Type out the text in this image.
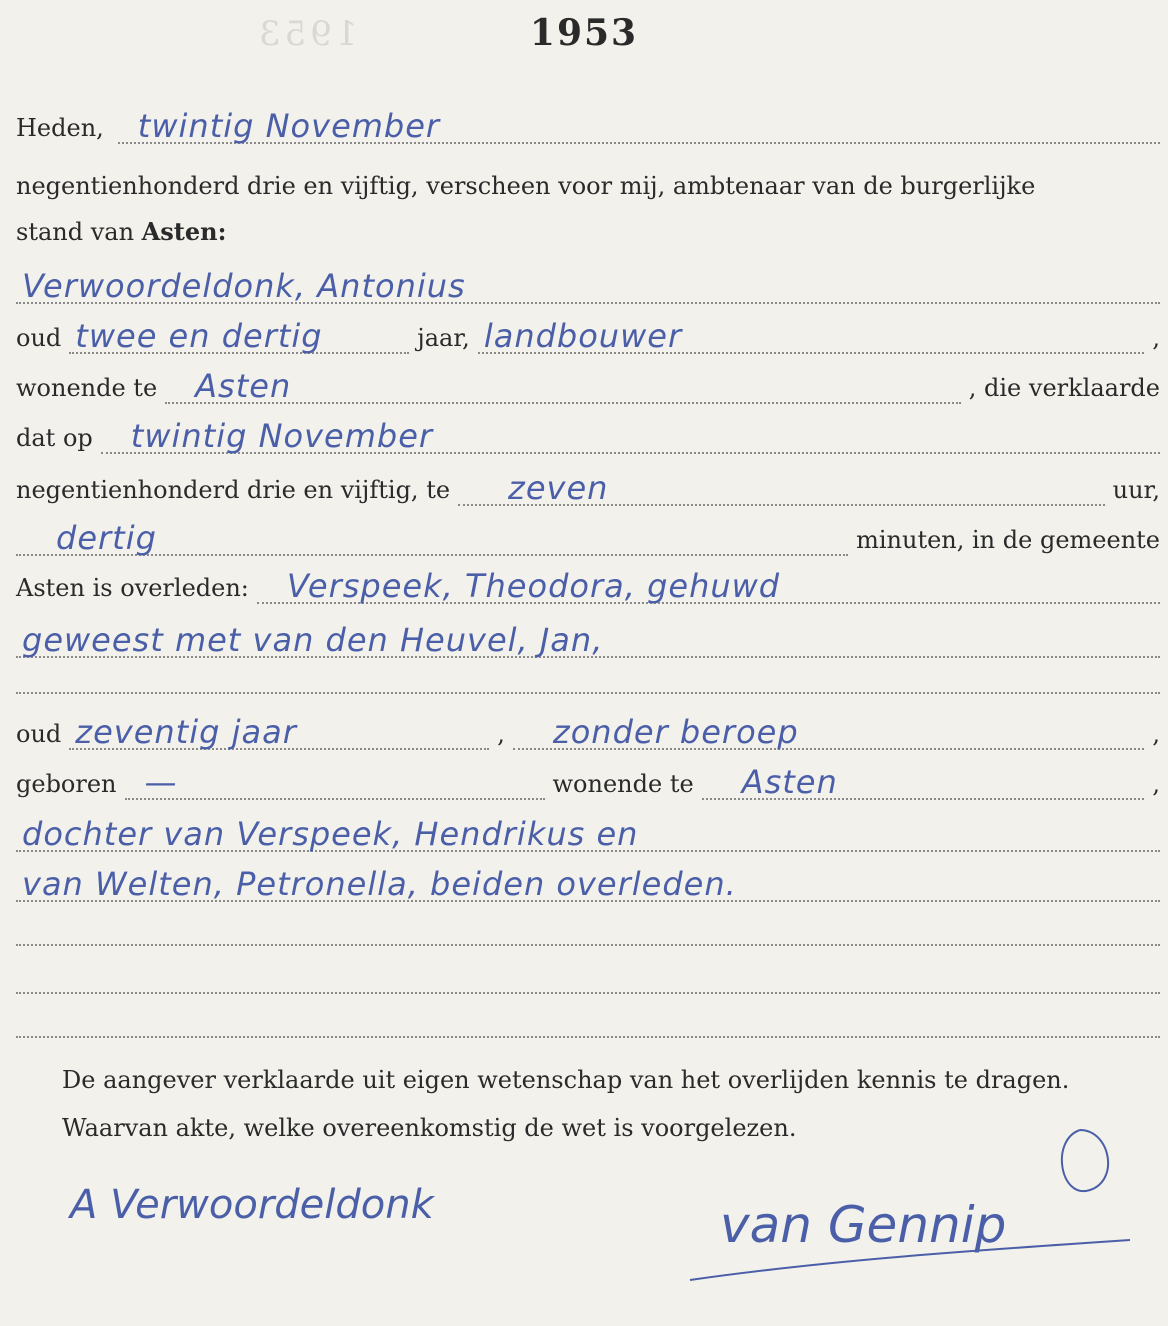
1953	1953
Heden, twintig November
negentienhonderd drie en vijftig, verscheen voor mij, ambtenaar van de burgerlijke
stand van Asten:
Verwoordeldonk, Antonius
oud twee en dertig	jaar, landbouwer	,
wonende te Asten	, die verklaarde
dat op twintig November
negentienhonderd drie en vijftig, te zeven	uur,
dertig	minuten, in de gemeente
Asten is overleden: Verspeek, Theodora, gehuwd
geweest met van den Heuvel, Jan,
oud zeventig jaar	, zonder beroep	,
geboren —	wonende te Asten	,
dochter van Verspeek, Hendrikus en
van Welten, Petronella, beiden overleden.
De aangever verklaarde uit eigen wetenschap van het overlijden kennis te dragen.
Waarvan akte, welke overeenkomstig de wet is voorgelezen.
A Verwoordeldonk	van Gennip
